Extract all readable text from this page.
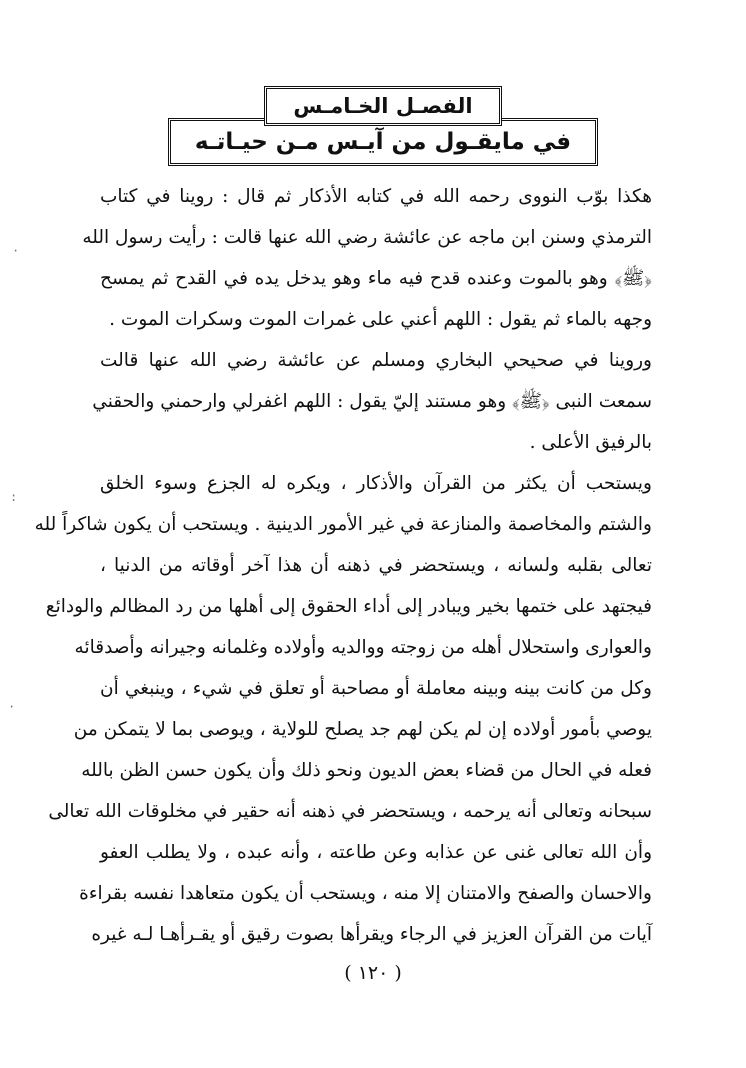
الفصـل الخـامـس
في مايقـول من آيـس مـن حيـاتـه
هكذا بوّب النووى رحمه الله في كتابه الأذكار ثم قال : روينا في كتاب
الترمذي وسنن ابن ماجه عن عائشة رضي الله عنها قالت : رأيت رسول الله
﴿ﷺ﴾ وهو بالموت وعنده قدح فيه ماء وهو يدخل يده في القدح ثم يمسح
وجهه بالماء ثم يقول : اللهم أعني على غمرات الموت وسكرات الموت .
وروينا في صحيحي البخاري ومسلم عن عائشة رضي الله عنها قالت
سمعت النبى ﴿ﷺ﴾ وهو مستند إليّ يقول : اللهم اغفرلي وارحمني والحقني
بالرفيق الأعلى .
ويستحب أن يكثر من القرآن والأذكار ، ويكره له الجزع وسوء الخلق
والشتم والمخاصمة والمنازعة في غير الأمور الدينية . ويستحب أن يكون شاكراً لله
تعالى بقلبه ولسانه ، ويستحضر في ذهنه أن هذا آخر أوقاته من الدنيا ،
فيجتهد على ختمها بخير ويبادر إلى أداء الحقوق إلى أهلها من رد المظالم والودائع
والعوارى واستحلال أهله من زوجته ووالديه وأولاده وغلمانه وجيرانه وأصدقائه
وكل من كانت بينه وبينه معاملة أو مصاحبة أو تعلق في شيء ، وينبغي أن
يوصي بأمور أولاده إن لم يكن لهم جد يصلح للولاية ، ويوصى بما لا يتمكن من
فعله في الحال من قضاء بعض الديون ونحو ذلك وأن يكون حسن الظن بالله
سبحانه وتعالى أنه يرحمه ، ويستحضر في ذهنه أنه حقير في مخلوقات الله تعالى
وأن الله تعالى غنى عن عذابه وعن طاعته ، وأنه عبده ، ولا يطلب العفو
والاحسان والصفح والامتنان إلا منه ، ويستحب أن يكون متعاهدا نفسه بقراءة
آيات من القرآن العزيز في الرجاء ويقرأها بصوت رقيق أو يقـرأهـا لـه غيره
( ١٢٠ )
·
:
·
